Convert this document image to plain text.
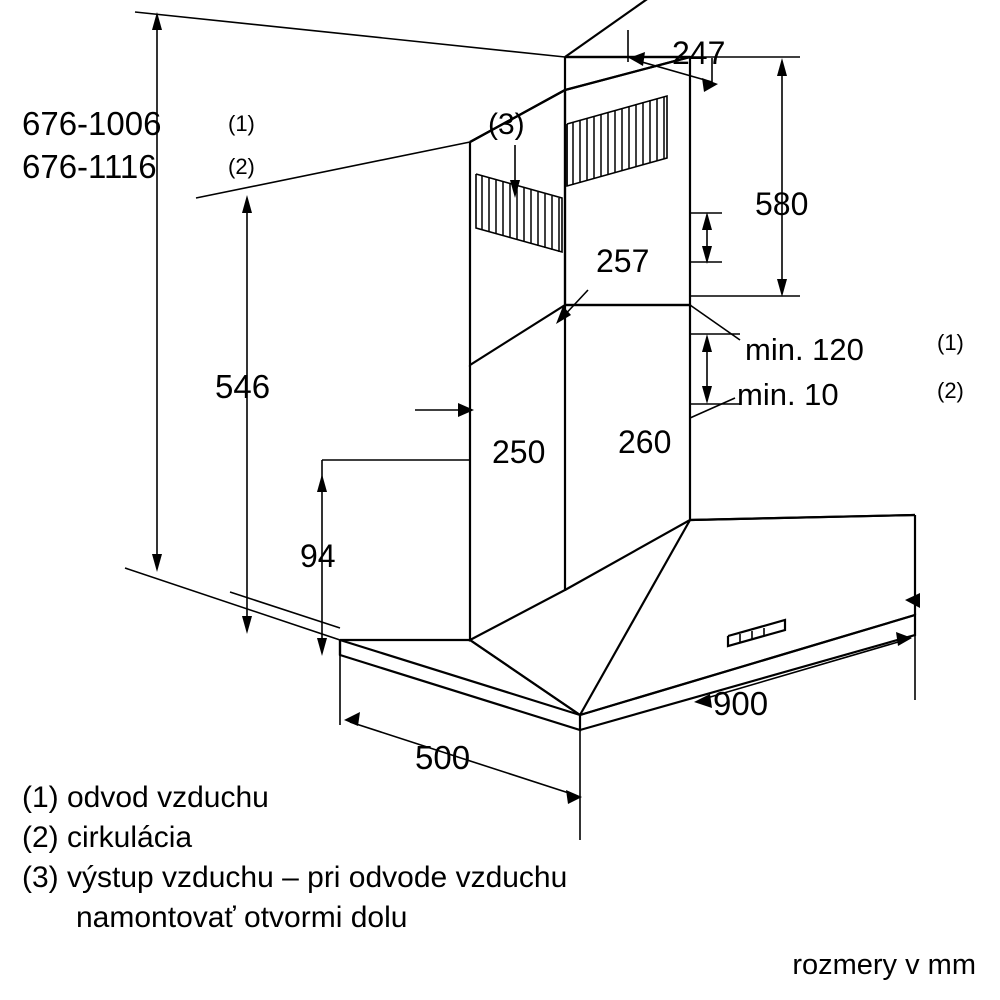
676-1006	(1)
676-1116	(2)
247
580
257
546
250 260
min. 120	(1)
min. 10	(2)
94
500
900
(3)
(1) odvod vzduchu
(2) cirkulácia
(3) výstup vzduchu – pri odvode vzduchu
namontovať otvormi dolu
rozmery v mm
